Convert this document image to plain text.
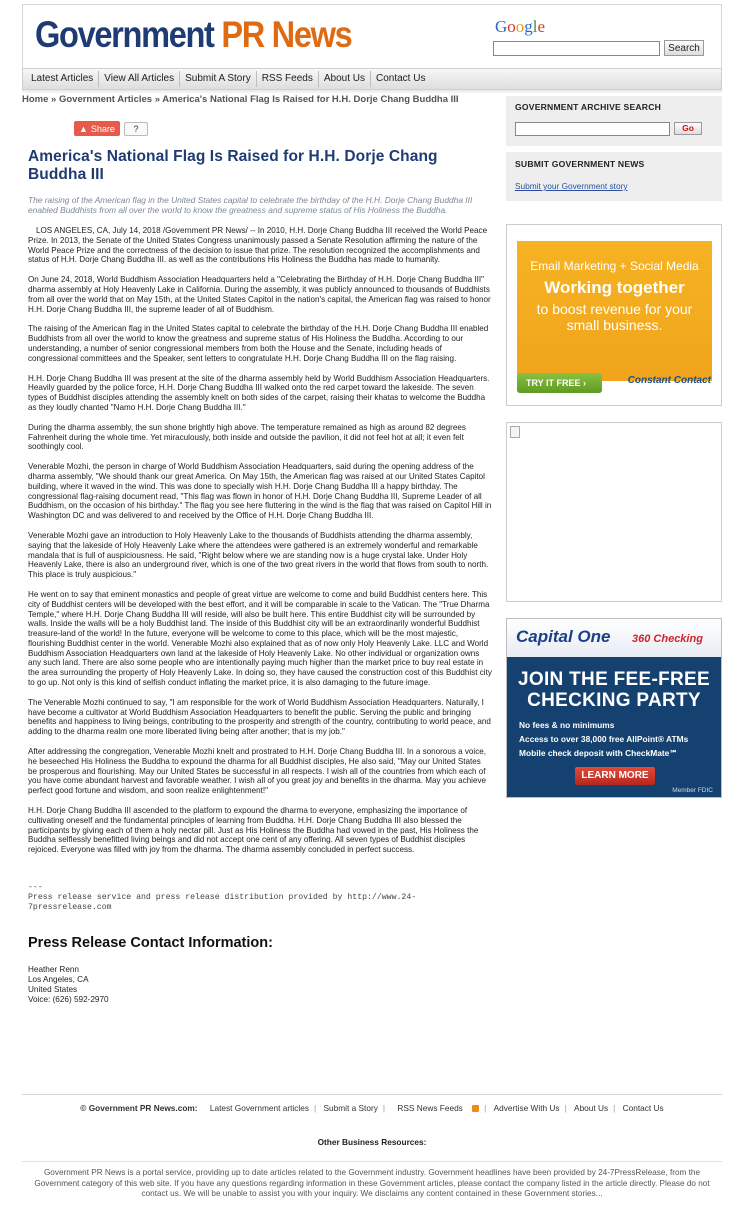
Government PR News	Google
Search
Latest Articles	View All Articles	Submit A Story	RSS Feeds	About Us	Contact Us
Home » Government Articles » America's National Flag Is Raised for H.H. Dorje Chang Buddha III
▲ Share	?
America's National Flag Is Raised for H.H. Dorje Chang Buddha III
The raising of the American flag in the United States capital to celebrate the birthday of the H.H. Dorje Chang Buddha III enabled Buddhists from all over the world to know the greatness and supreme status of His Holiness the Buddha.

LOS ANGELES, CA, July 14, 2018 /Government PR News/ -- In 2010, H.H. Dorje Chang Buddha III received the World Peace Prize. In 2013, the Senate of the United States Congress unanimously passed a Senate Resolution affirming the nature of the World Peace Prize and the correctness of the decision to issue that prize. The resolution recognized the accomplishments and status of H.H. Dorje Chang Buddha III. as well as the contributions His Holiness the Buddha has made to humanity.

On June 24, 2018, World Buddhism Association Headquarters held a "Celebrating the Birthday of H.H. Dorje Chang Buddha III" dharma assembly at Holy Heavenly Lake in California. During the assembly, it was publicly announced to thousands of Buddhists from all over the world that on May 15th, at the United States Capitol in the nation's capital, the American flag was raised to honor H.H. Dorje Chang Buddha III, the supreme leader of all of Buddhism.

The raising of the American flag in the United States capital to celebrate the birthday of the H.H. Dorje Chang Buddha III enabled Buddhists from all over the world to know the greatness and supreme status of His Holiness the Buddha. According to our understanding, a number of senior congressional members from both the House and the Senate, including heads of congressional committees and the Speaker, sent letters to congratulate H.H. Dorje Chang Buddha III on the flag raising.

H.H. Dorje Chang Buddha III was present at the site of the dharma assembly held by World Buddhism Association Headquarters. Heavily guarded by the police force, H.H. Dorje Chang Buddha III walked onto the red carpet toward the lakeside. The seven types of Buddhist disciples attending the assembly knelt on both sides of the carpet, raising their khatas to welcome the Buddha as they loudly chanted "Namo H.H. Dorje Chang Buddha III."

During the dharma assembly, the sun shone brightly high above. The temperature remained as high as around 82 degrees Fahrenheit during the whole time. Yet miraculously, both inside and outside the pavilion, it did not feel hot at all; it even felt soothingly cool.

Venerable Mozhi, the person in charge of World Buddhism Association Headquarters, said during the opening address of the dharma assembly, "We should thank our great America. On May 15th, the American flag was raised at our United States Capitol building, where it waved in the wind. This was done to specially wish H.H. Dorje Chang Buddha III a happy birthday. The congressional flag-raising document read, "This flag was flown in honor of H.H. Dorje Chang Buddha III, Supreme Leader of all Buddhism, on the occasion of his birthday." The flag you see here fluttering in the wind is the flag that was raised on Capitol Hill in Washington DC and was delivered to and received by the Office of H.H. Dorje Chang Buddha III.

Venerable Mozhi gave an introduction to Holy Heavenly Lake to the thousands of Buddhists attending the dharma assembly, saying that the lakeside of Holy Heavenly Lake where the attendees were gathered is an extremely wonderful and remarkable mandala that is full of auspiciousness. He said, "Right below where we are standing now is a huge crystal lake. Under Holy Heavenly Lake, there is also an underground river, which is one of the two great rivers in the world that flows from south to north. This place is truly auspicious."

He went on to say that eminent monastics and people of great virtue are welcome to come and build Buddhist centers here. This city of Buddhist centers will be developed with the best effort, and it will be comparable in scale to the Vatican. The "True Dharma Temple," where H.H. Dorje Chang Buddha III will reside, will also be built here. This entire Buddhist city will be surrounded by walls. Inside the walls will be a holy Buddhist land. The inside of this Buddhist city will be an extraordinarily wonderful Buddhist treasure-land of the world! In the future, everyone will be welcome to come to this place, which will be the most majestic, flourishing Buddhist center in the world. Venerable Mozhi also explained that as of now only Holy Heavenly Lake. LLC and World Buddhism Association Headquarters own land at the lakeside of Holy Heavenly Lake. No other individual or organization owns any such land. There are also some people who are intentionally paying much higher than the market price to buy real estate in the area surrounding the property of Holy Heavenly Lake. In doing so, they have caused the construction cost of this Buddhist city to go up. Not only is this kind of selfish conduct inflating the market price, it is also damaging to the future image.

The Venerable Mozhi continued to say, "I am responsible for the work of World Buddhism Association Headquarters. Naturally, I have become a cultivator at World Buddhism Association Headquarters to benefit the public. Serving the public and bringing benefits and happiness to living beings, contributing to the prosperity and strength of the country, contributing to world peace, and adding to the dharma realm one more liberated living being after another; that is my job."

After addressing the congregation, Venerable Mozhi knelt and prostrated to H.H. Dorje Chang Buddha III. In a sonorous a voice, he beseeched His Holiness the Buddha to expound the dharma for all Buddhist disciples, He also said, "May our United States be prosperous and flourishing. May our United States be successful in all respects. I wish all of the countries from which each of you have come abundant harvest and favorable weather. I wish all of you great joy and benefits in the dharma. May you achieve perfect good fortune and wisdom, and soon realize enlightenment!"

H.H. Dorje Chang Buddha III ascended to the platform to expound the dharma to everyone, emphasizing the importance of cultivating oneself and the fundamental principles of learning from Buddha. H.H. Dorje Chang Buddha III also blessed the participants by giving each of them a holy nectar pill. Just as His Holiness the Buddha had vowed in the past, His Holiness the Buddha selflessly benefitted living beings and did not accept one cent of any offering. All seven types of Buddhist disciples rejoiced. Everyone was filled with joy from the dharma. The dharma assembly concluded in perfect success.

---
Press release service and press release distribution provided by http://www.24-
7pressrelease.com
Press Release Contact Information:
Heather Renn
Los Angeles, CA
United States
Voice: (626) 592-2970
GOVERNMENT ARCHIVE SEARCH
Go
SUBMIT GOVERNMENT NEWS
Submit your Government story
Email Marketing + Social Media
Working together
to boost revenue for your small business.
TRY IT FREE ›	Constant Contact
Capital One 360 Checking
JOIN THE FEE-FREE CHECKING PARTY
No fees & no minimums
Access to over 38,000 free AllPoint® ATMs
Mobile check deposit with CheckMate℠
LEARN MORE
Member FDIC
© Government PR News.com: Latest Government articles | Submit a Story | RSS News Feeds	| Advertise With Us | About Us | Contact Us
Other Business Resources:
Government PR News is a portal service, providing up to date articles related to the Government industry. Government headlines have been provided by 24-7PressRelease, from the Government category of this web site. If you have any questions regarding information in these Government articles, please contact the company listed in the article directly. Please do not contact us. We will be unable to assist you with your inquiry. We disclaims any content contained in these Government stories...
